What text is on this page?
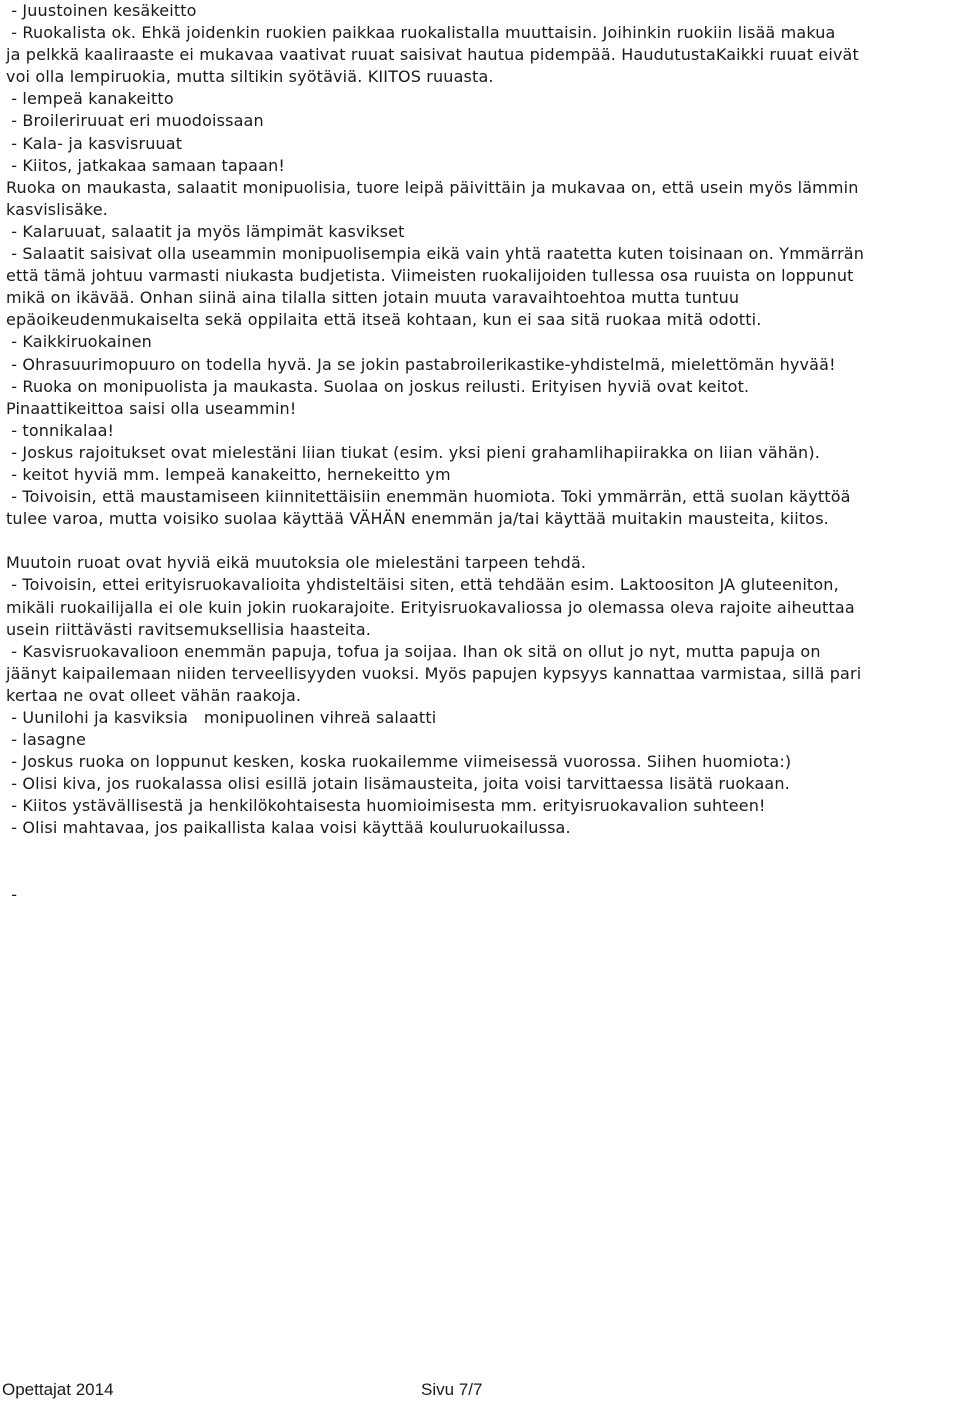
- Juustoinen kesäkeitto
- Ruokalista ok. Ehkä joidenkin ruokien paikkaa ruokalistalla muuttaisin. Joihinkin ruokiin lisää makua
ja pelkkä kaaliraaste ei mukavaa vaativat ruuat saisivat hautua pidempää. HaudutustaKaikki ruuat eivät
voi olla lempiruokia, mutta siltikin syötäviä. KIITOS ruuasta.
- lempeä kanakeitto
- Broileriruuat eri muodoissaan
- Kala- ja kasvisruuat
- Kiitos, jatkakaa samaan tapaan!
Ruoka on maukasta, salaatit monipuolisia, tuore leipä päivittäin ja mukavaa on, että usein myös lämmin
kasvislisäke.
- Kalaruuat, salaatit ja myös lämpimät kasvikset
- Salaatit saisivat olla useammin monipuolisempia eikä vain yhtä raatetta kuten toisinaan on. Ymmärrän
että tämä johtuu varmasti niukasta budjetista. Viimeisten ruokalijoiden tullessa osa ruuista on loppunut
mikä on ikävää. Onhan siinä aina tilalla sitten jotain muuta varavaihtoehtoa mutta tuntuu
epäoikeudenmukaiselta sekä oppilaita että itseä kohtaan, kun ei saa sitä ruokaa mitä odotti.
- Kaikkiruokainen
- Ohrasuurimopuuro on todella hyvä. Ja se jokin pastabroilerikastike-yhdistelmä, mielettömän hyvää!
- Ruoka on monipuolista ja maukasta. Suolaa on joskus reilusti. Erityisen hyviä ovat keitot.
Pinaattikeittoa saisi olla useammin!
- tonnikalaa!
- Joskus rajoitukset ovat mielestäni liian tiukat (esim. yksi pieni grahamlihapiirakka on liian vähän).
- keitot hyviä mm. lempeä kanakeitto, hernekeitto ym
- Toivoisin, että maustamiseen kiinnitettäisiin enemmän huomiota. Toki ymmärrän, että suolan käyttöä
tulee varoa, mutta voisiko suolaa käyttää VÄHÄN enemmän ja/tai käyttää muitakin mausteita, kiitos.
Muutoin ruoat ovat hyviä eikä muutoksia ole mielestäni tarpeen tehdä.
- Toivoisin, ettei erityisruokavalioita yhdisteltäisi siten, että tehdään esim. Laktoositon JA gluteeniton,
mikäli ruokailijalla ei ole kuin jokin ruokarajoite. Erityisruokavaliossa jo olemassa oleva rajoite aiheuttaa
usein riittävästi ravitsemuksellisia haasteita.
- Kasvisruokavalioon enemmän papuja, tofua ja soijaa. Ihan ok sitä on ollut jo nyt, mutta papuja on
jäänyt kaipailemaan niiden terveellisyyden vuoksi. Myös papujen kypsyys kannattaa varmistaa, sillä pari
kertaa ne ovat olleet vähän raakoja.
- Uunilohi ja kasviksia   monipuolinen vihreä salaatti
- lasagne
- Joskus ruoka on loppunut kesken, koska ruokailemme viimeisessä vuorossa. Siihen huomiota:)
- Olisi kiva, jos ruokalassa olisi esillä jotain lisämausteita, joita voisi tarvittaessa lisätä ruokaan.
- Kiitos ystävällisestä ja henkilökohtaisesta huomioimisesta mm. erityisruokavalion suhteen!
- Olisi mahtavaa, jos paikallista kalaa voisi käyttää kouluruokailussa.
-
Opettajat 2014	Sivu 7/7
